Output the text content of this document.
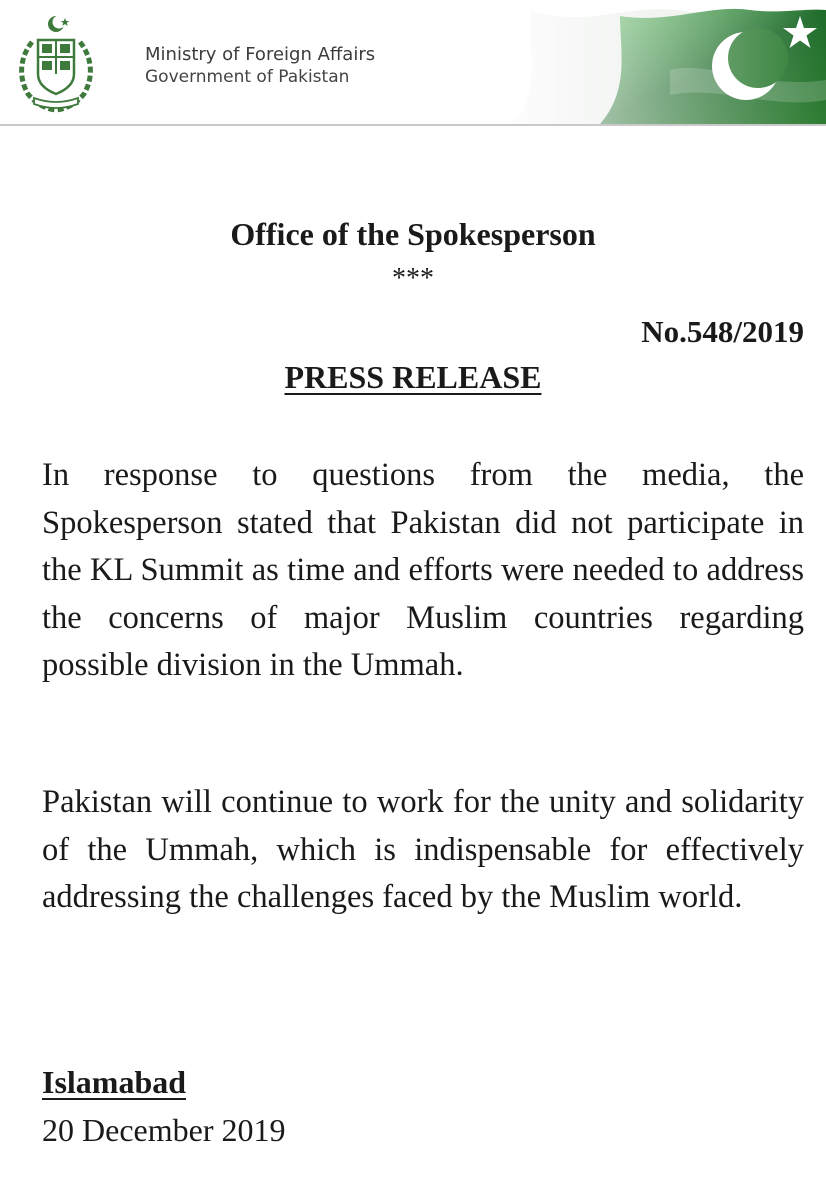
Ministry of Foreign Affairs
Government of Pakistan
Office of the Spokesperson
***
No.548/2019
PRESS RELEASE
In response to questions from the media, the Spokesperson stated that Pakistan did not participate in the KL Summit as time and efforts were needed to address the concerns of major Muslim countries regarding possible division in the Ummah.
Pakistan will continue to work for the unity and solidarity of the Ummah, which is indispensable for effectively addressing the challenges faced by the Muslim world.
Islamabad
20 December 2019
